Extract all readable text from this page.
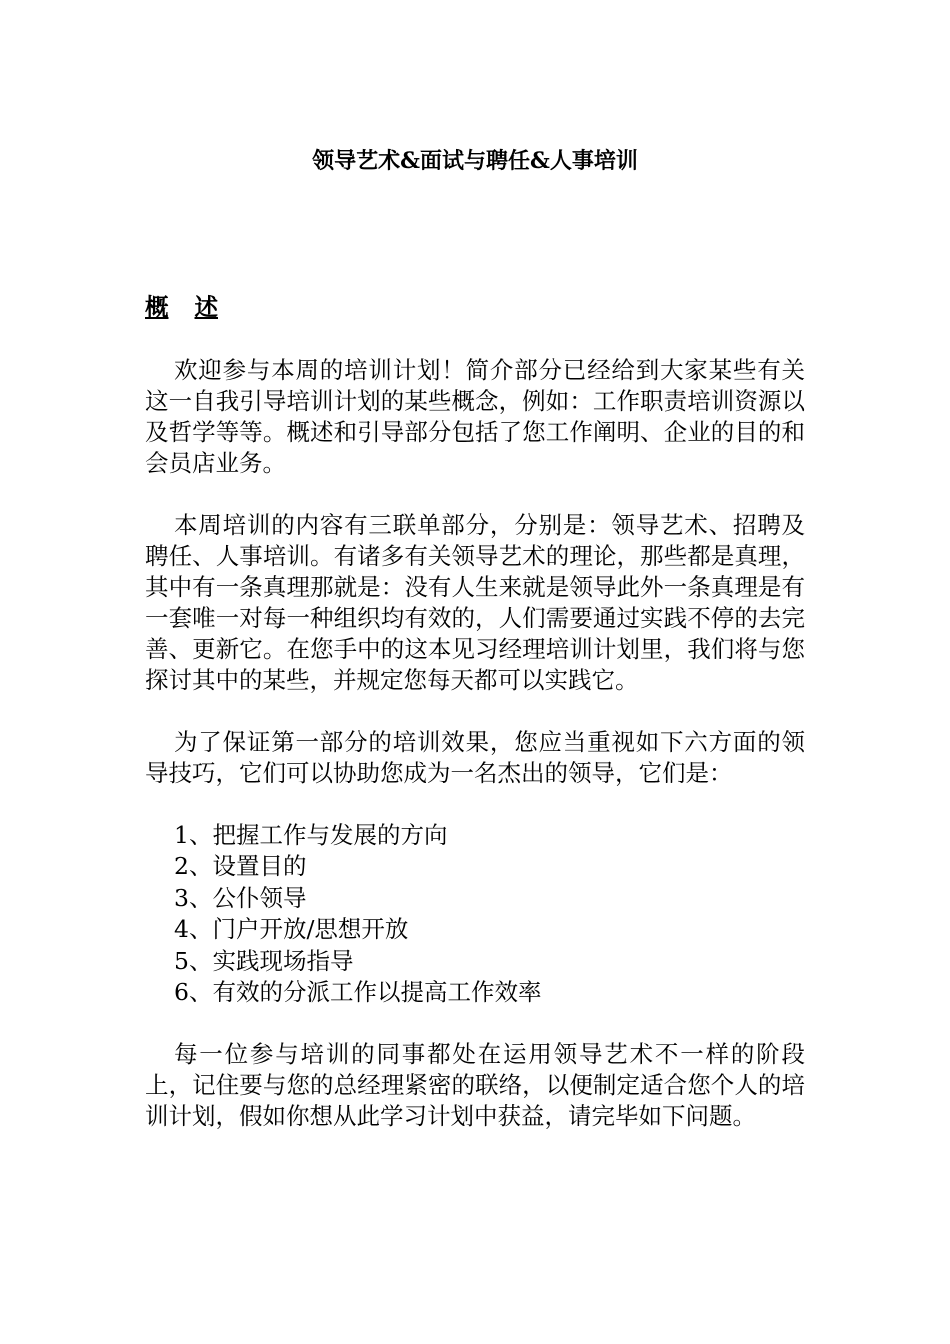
领导艺术&面试与聘任&人事培训
概 述

欢迎参与本周的培训计划！简介部分已经给到大家某些有关这一自我引导培训计划的某些概念，例如：工作职责培训资源以及哲学等等。概述和引导部分包括了您工作阐明、企业的目的和会员店业务。

本周培训的内容有三联单部分，分别是：领导艺术、招聘及聘任、人事培训。有诸多有关领导艺术的理论，那些都是真理，其中有一条真理那就是：没有人生来就是领导此外一条真理是有一套唯一对每一种组织均有效的，人们需要通过实践不停的去完善、更新它。在您手中的这本见习经理培训计划里，我们将与您探讨其中的某些，并规定您每天都可以实践它。

为了保证第一部分的培训效果，您应当重视如下六方面的领导技巧，它们可以协助您成为一名杰出的领导，它们是：

1、把握工作与发展的方向
2、设置目的
3、公仆领导
4、门户开放/思想开放
5、实践现场指导
6、有效的分派工作以提高工作效率

每一位参与培训的同事都处在运用领导艺术不一样的阶段上，记住要与您的总经理紧密的联络，以便制定适合您个人的培训计划，假如你想从此学习计划中获益，请完毕如下问题。
